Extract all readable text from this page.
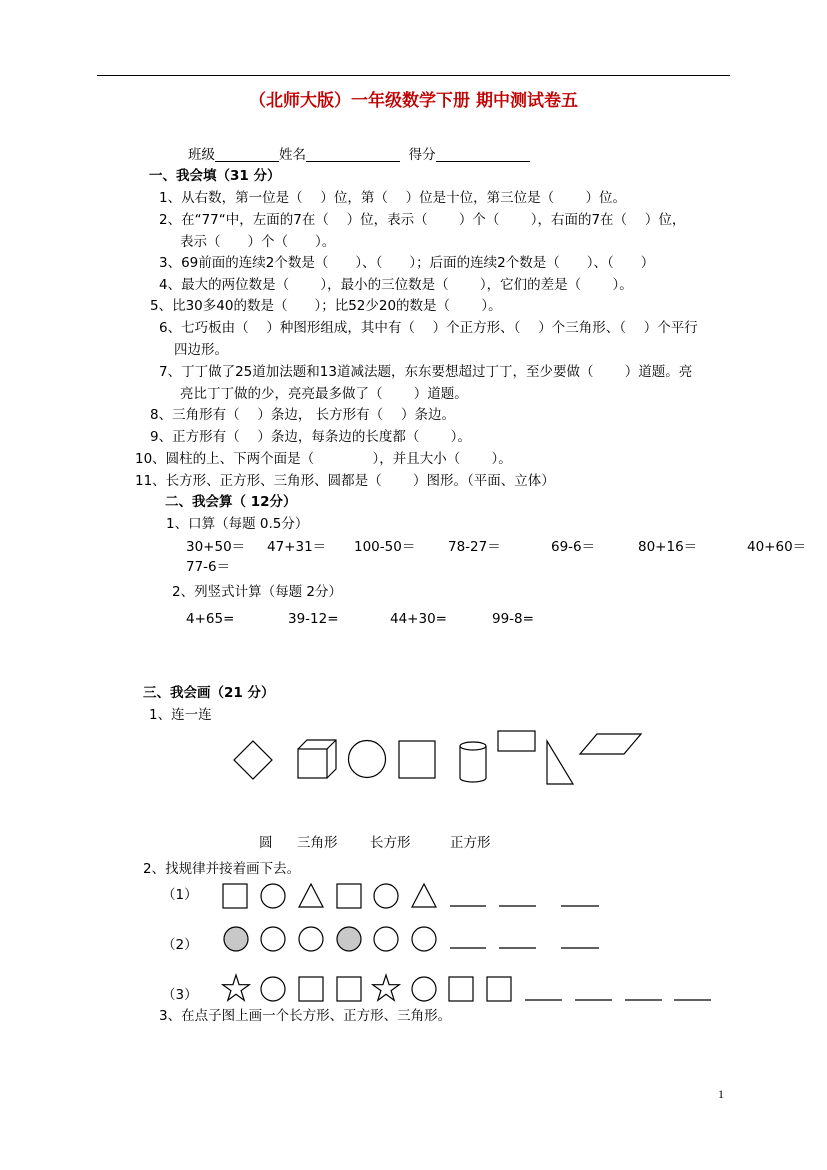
（北师大版）一年级数学下册 期中测试卷五
班级	姓名	得分
一、我会填（31 分）
1、从右数，第一位是（　 ）位，第（　 ）位是十位，第三位是（　　 ）位。
2、在“77“中，左面的7在（　 ）位，表示（　　 ）个（　　 ），右面的7在（　 ）位，
表示（　　）个（　　）。
3、69前面的连续2个数是（　　）、（　　）；后面的连续2个数是（　　）、（　　）
4、最大的两位数是（　　 ），最小的三位数是（　　 ），它们的差是（　　 ）。
5、比30多40的数是（　　）；比52少20的数是（　　 ）。
6、七巧板由（　 ）种图形组成，其中有（　 ）个正方形、（　 ）个三角形、（　 ）个平行
四边形。
7、丁丁做了25道加法题和13道减法题，东东要想超过丁丁，至少要做（　　 ）道题。亮
亮比丁丁做的少，亮亮最多做了（　　 ）道题。
8、三角形有（　 ）条边， 长方形有（　 ）条边。
9、正方形有（　 ）条边，每条边的长度都（　　 ）。
10、圆柱的上、下两个面是（　　　　 ），并且大小（　　 ）。
11、长方形、正方形、三角形、圆都是（　　 ）图形。（平面、立体）
二、我会算（ 12分）
1、口算（每题 0.5分）
30+50＝ 47+31＝ 100-50＝ 78-27＝	69-6＝	80+16＝	40+60＝
77-6＝
2、列竖式计算（每题 2分）
4+65=	39-12=	44+30=	99-8=
三、我会画（21 分）
1、连一连
圆 三角形 长方形	正方形
2、找规律并接着画下去。
（1）
（2）
（3）
3、在点子图上画一个长方形、正方形、三角形。
1
